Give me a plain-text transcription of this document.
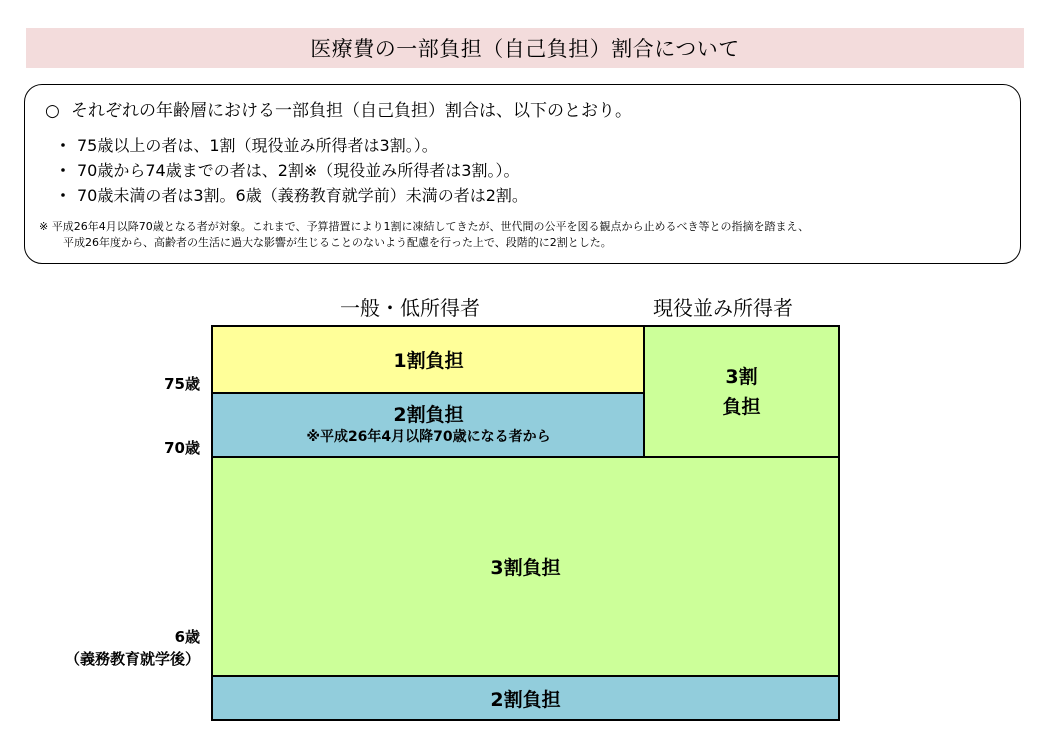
医療費の一部負担（自己負担）割合について
○ それぞれの年齢層における一部負担（自己負担）割合は、以下のとおり。
・ 75歳以上の者は、1割（現役並み所得者は3割。）。
・ 70歳から74歳までの者は、2割※（現役並み所得者は3割。）。
・ 70歳未満の者は3割。6歳（義務教育就学前）未満の者は2割。
※ 平成26年4月以降70歳となる者が対象。これまで、予算措置により1割に凍結してきたが、世代間の公平を図る観点から止めるべき等との指摘を踏まえ、
平成26年度から、高齢者の生活に過大な影響が生じることのないよう配慮を行った上で、段階的に2割とした。
一般・低所得者	現役並み所得者
75歳
70歳
6歳
（義務教育就学後）
1割負担
2割負担
※平成26年4月以降70歳になる者から
3割
負担
3割負担
2割負担
